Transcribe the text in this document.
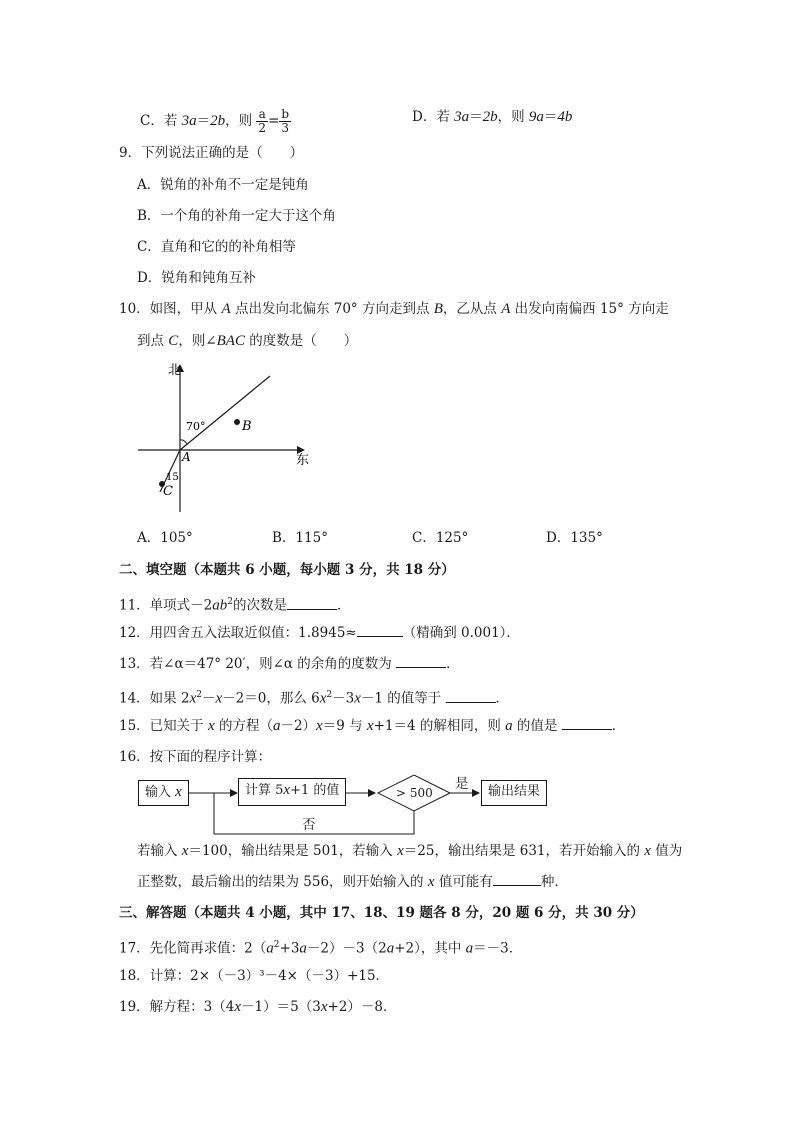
C．若 3a＝2b，则 $\frac{a}{2} = \frac{b}{3}$	D．若 3a＝2b，则 9a＝4b
9．下列说法正确的是（　　）
A．锐角的补角不一定是钝角
B．一个角的补角一定大于这个角
C．直角和它的的补角相等
D．锐角和钝角互补
10．如图，甲从 A 点出发向北偏东 70° 方向走到点 B，乙从点 A 出发向南偏西 15° 方向走
到点 C，则∠BAC 的度数是（　　）
北
东
70°
15
A
B
C
A．105°	B．115°	C．125°	D．135°
二、填空题（本题共 6 小题，每小题 3 分，共 18 分）
11．单项式$-2ab^2$的次数是	．
12．用四舍五入法取近似值：1.8945≈	（精确到 0.001）．
13．若∠α＝47° 20′，则∠α 的余角的度数为	．
14．如果 $2x^2-x-2=0$，那么 $6x^2-3x-1$ 的值等于	．
15．已知关于 x 的方程（a－2）x＝9 与 x+1＝4 的解相同，则 a 的值是	．
16．按下面的程序计算：
输入 x	计算 5x+1 的值	> 500
是	输出结果
否
若输入 x＝100，输出结果是 501，若输入 x＝25，输出结果是 631，若开始输入的 x 值为
正整数，最后输出的结果为 556，则开始输入的 x 值可能有	种．
三、解答题（本题共 4 小题，其中 17、18、19 题各 8 分，20 题 6 分，共 30 分）
17．先化简再求值：$2(a^2+3a-2)-3(2a+2)$，其中 a＝－3．
18．计算：2×（－3）³－4×（－3）+15．
19．解方程：3（4x－1）＝5（3x+2）－8．
